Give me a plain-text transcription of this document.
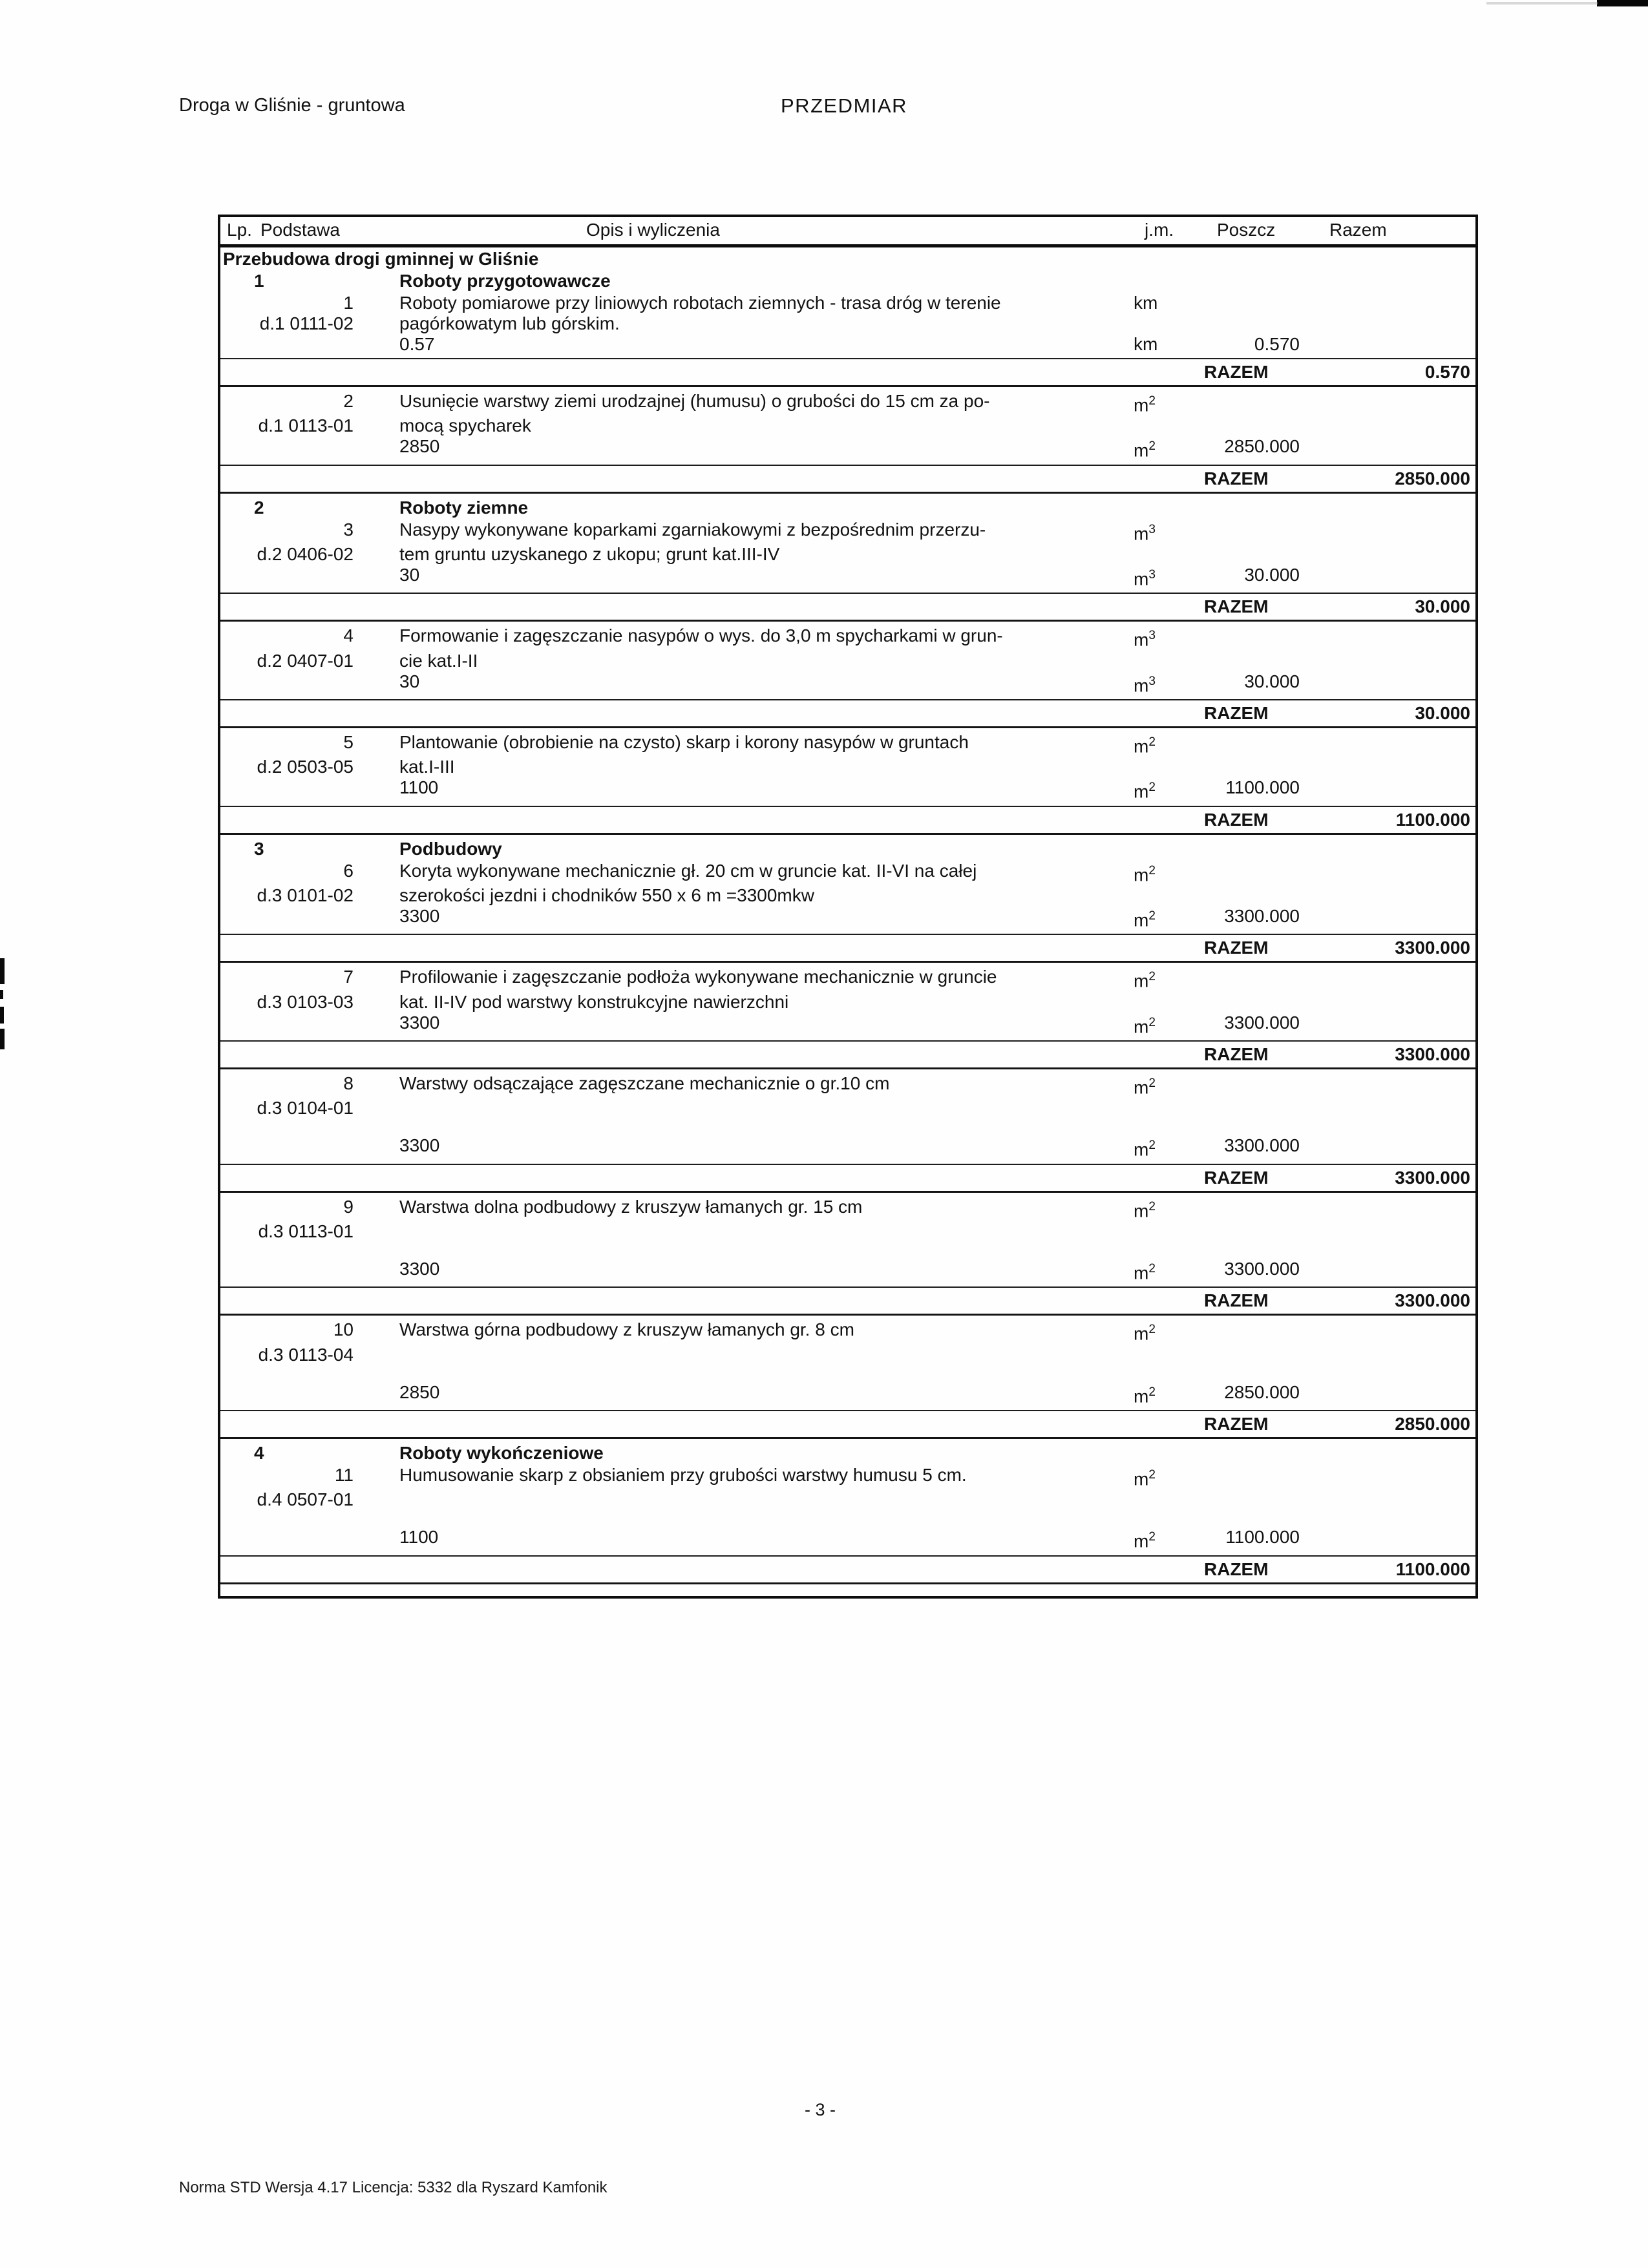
Droga w Gliśnie - gruntowa	PRZEDMIAR
Lp. Podstawa	Opis i wyliczenia	j.m. Poszcz	Razem
Przebudowa drogi gminnej w Gliśnie
1	Roboty przygotowawcze
1	Roboty pomiarowe przy liniowych robotach ziemnych - trasa dróg w terenie	km
d.1 0111-02	pagórkowatym lub górskim.
0.57	km	0.570
RAZEM	0.570
2	Usunięcie warstwy ziemi urodzajnej (humusu) o grubości do 15 cm za po-	$m^2$
d.1 0113-01	mocą spycharek
2850	$m^2$	2850.000
RAZEM	2850.000
2	Roboty ziemne
3	Nasypy wykonywane koparkami zgarniakowymi z bezpośrednim przerzu-	$m^3$
d.2 0406-02	tem gruntu uzyskanego z ukopu; grunt kat.III-IV
30	$m^3$	30.000
RAZEM	30.000
4	Formowanie i zagęszczanie nasypów o wys. do 3,0 m spycharkami w grun-	$m^3$
d.2 0407-01	cie kat.I-II
30	$m^3$	30.000
RAZEM	30.000
5	Plantowanie (obrobienie na czysto) skarp i korony nasypów w gruntach	$m^2$
d.2 0503-05	kat.I-III
1100	$m^2$	1100.000
RAZEM	1100.000
3	Podbudowy
6	Koryta wykonywane mechanicznie gł. 20 cm w gruncie kat. II-VI na całej	$m^2$
d.3 0101-02	szerokości jezdni i chodników 550 x 6 m =3300mkw
3300	$m^2$	3300.000
RAZEM	3300.000
7	Profilowanie i zagęszczanie podłoża wykonywane mechanicznie w gruncie	$m^2$
d.3 0103-03	kat. II-IV pod warstwy konstrukcyjne nawierzchni
3300	$m^2$	3300.000
RAZEM	3300.000
8	Warstwy odsączające zagęszczane mechanicznie o gr.10 cm	$m^2$
d.3 0104-01
3300	$m^2$	3300.000
RAZEM	3300.000
9	Warstwa dolna podbudowy z kruszyw łamanych gr. 15 cm	$m^2$
d.3 0113-01
3300	$m^2$	3300.000
RAZEM	3300.000
10	Warstwa górna podbudowy z kruszyw łamanych gr. 8 cm	$m^2$
d.3 0113-04
2850	$m^2$	2850.000
RAZEM	2850.000
4	Roboty wykończeniowe
11	Humusowanie skarp z obsianiem przy grubości warstwy humusu 5 cm.	$m^2$
d.4 0507-01
1100	$m^2$	1100.000
RAZEM	1100.000
- 3 -
Norma STD Wersja 4.17 Licencja: 5332 dla Ryszard Kamfonik
